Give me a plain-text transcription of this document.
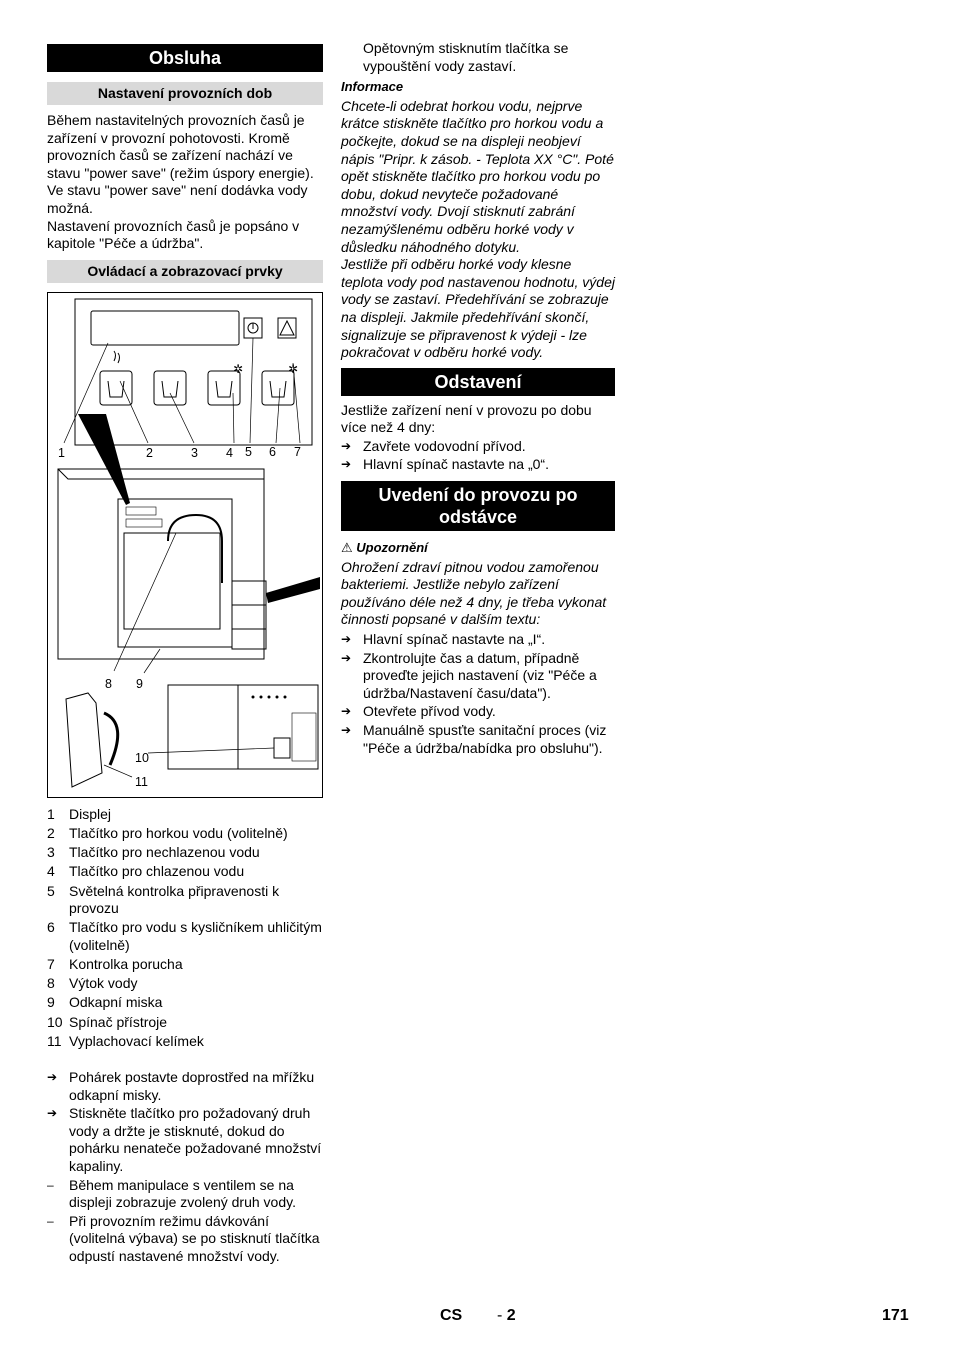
Obsluha
Nastavení provozních dob

Během nastavitelných provozních časů je zařízení v provozní pohotovosti. Kromě provozních časů se zařízení nachází ve stavu "power save" (režim úspory energie). Ve stavu "power save" není dodávka vody možná.

Nastavení provozních časů je popsáno v kapitole "Péče a údržba".

Ovládací a zobrazovací prvky
✲	✲
1	2	3 4 5 6 7
8 9
10
11
1 Displej
2 Tlačítko pro horkou vodu (volitelně)
3 Tlačítko pro nechlazenou vodu
4 Tlačítko pro chlazenou vodu
5 Světelná kontrolka připravenosti k provozu
6 Tlačítko pro vodu s kysličníkem uhličitým (volitelně)
7 Kontrolka porucha
8 Výtok vody
9 Odkapní miska
10 Spínač přístroje
11 Vyplachovací kelímek
➔ Pohárek postavte doprostřed na mřížku odkapní misky.
➔ Stiskněte tlačítko pro požadovaný druh vody a držte je stisknuté, dokud do pohárku nenateče požadované množství kapaliny.
– Během manipulace s ventilem se na displeji zobrazuje zvolený druh vody.
– Při provozním režimu dávkování (volitelná výbava) se po stisknutí tlačítka odpustí nastavené množství vody.

Opětovným stisknutím tlačítka se vypouštění vody zastaví.

Informace

Chcete-li odebrat horkou vodu, nejprve krátce stiskněte tlačítko pro horkou vodu a počkejte, dokud se na displeji neobjeví nápis "Pripr. k zásob. - Teplota XX °C". Poté opět stiskněte tlačítko pro horkou vodu po dobu, dokud nevyteče požadované množství vody. Dvojí stisknutí zabrání nezamýšlenému odběru horké vody v důsledku náhodného dotyku.

Jestliže při odběru horké vody klesne teplota vody pod nastavenou hodnotu, výdej vody se zastaví. Předehřívání se zobrazuje na displeji. Jakmile předehřívání skončí, signalizuje se připravenost k výdeji - lze pokračovat v odběru horké vody.

Odstavení

Jestliže zařízení není v provozu po dobu více než 4 dny:

➔ Zavřete vodovodní přívod.
➔ Hlavní spínač nastavte na „0“.
Uvedení do provozu po odstávce

⚠ Upozornění

Ohrožení zdraví pitnou vodou zamořenou bakteriemi. Jestliže nebylo zařízení používáno déle než 4 dny, je třeba vykonat činnosti popsané v dalším textu:

➔ Hlavní spínač nastavte na „I“.
➔ Zkontrolujte čas a datum, případně proveďte jejich nastavení (viz "Péče a údržba/Nastavení času/data").
➔ Otevřete přívod vody.
➔ Manuálně spusťte sanitační proces (viz "Péče a údržba/nabídka pro obsluhu").
CS - 2	171
